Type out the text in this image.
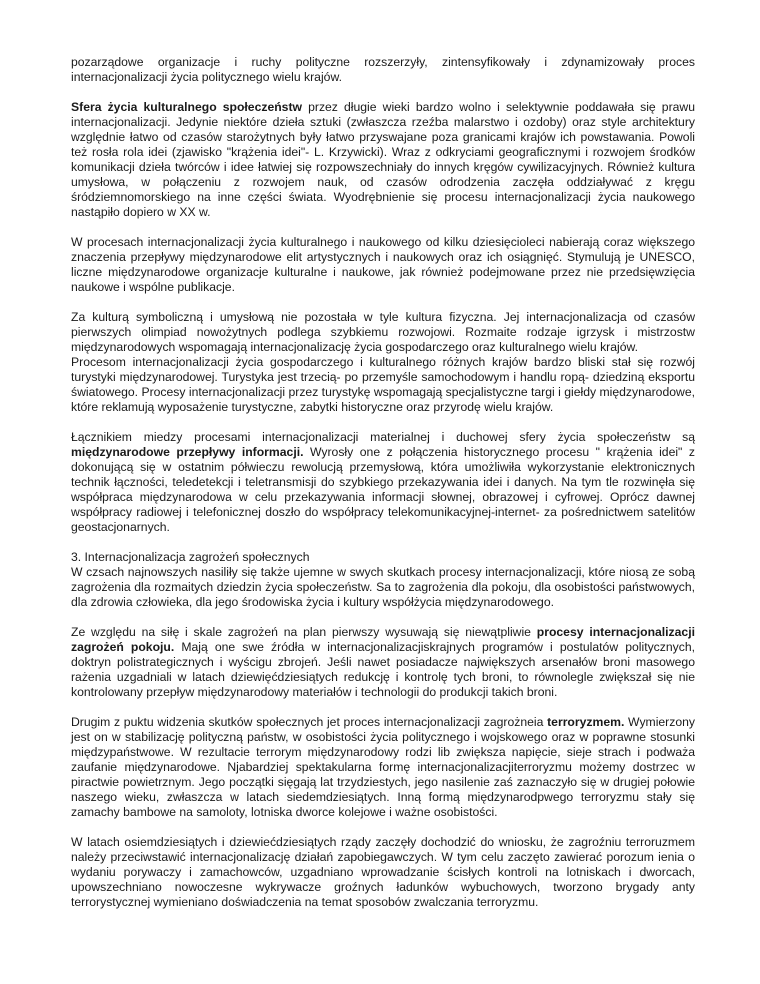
pozarządowe organizacje i ruchy polityczne rozszerzyły, zintensyfikowały i zdynamizowały proces internacjonalizacji życia politycznego wielu krajów.

Sfera życia kulturalnego społeczeństw przez długie wieki bardzo wolno i selektywnie poddawała się prawu internacjonalizacji. Jedynie niektóre dzieła sztuki (zwłaszcza rzeźba malarstwo i ozdoby) oraz style architektury względnie łatwo od czasów starożytnych były łatwo przyswajane poza granicami krajów ich powstawania. Powoli też rosła rola idei (zjawisko "krążenia idei"- L. Krzywicki). Wraz z odkryciami geograficznymi i rozwojem środków komunikacji dzieła twórców i idee łatwiej się rozpowszechniały do innych kręgów cywilizacyjnych. Również kultura umysłowa, w połączeniu z rozwojem nauk, od czasów odrodzenia zaczęła oddziaływać z kręgu śródziemnomorskiego na inne części świata. Wyodrębnienie się procesu internacjonalizacji życia naukowego nastąpiło dopiero w XX w.

W procesach internacjonalizacji życia kulturalnego i naukowego od kilku dziesięcioleci nabierają coraz większego znaczenia przepływy międzynarodowe elit artystycznych i naukowych oraz ich osiągnięć. Stymulują je UNESCO, liczne międzynarodowe organizacje kulturalne i naukowe, jak również podejmowane przez nie przedsięwzięcia naukowe i wspólne publikacje.

Za kulturą symboliczną i umysłową nie pozostała w tyle kultura fizyczna. Jej internacjonalizacja od czasów pierwszych olimpiad nowożytnych podlega szybkiemu rozwojowi. Rozmaite rodzaje igrzysk i mistrzostw międzynarodowych wspomagają internacjonalizację życia gospodarczego oraz kulturalnego wielu krajów.

Procesom internacjonalizacji życia gospodarczego i kulturalnego różnych krajów bardzo bliski stał się rozwój turystyki międzynarodowej. Turystyka jest trzecią- po przemyśle samochodowym i handlu ropą- dziedziną eksportu światowego. Procesy internacjonalizacji przez turystykę wspomagają specjalistyczne targi i giełdy międzynarodowe, które reklamują wyposażenie turystyczne, zabytki historyczne oraz przyrodę wielu krajów.

Łącznikiem miedzy procesami internacjonalizacji materialnej i duchowej sfery życia społeczeństw są międzynarodowe przepływy informacji. Wyrosły one z połączenia historycznego procesu " krążenia idei" z dokonującą się w ostatnim półwieczu rewolucją przemysłową, która umożliwiła wykorzystanie elektronicznych technik łączności, teledetekcji i teletransmisji do szybkiego przekazywania idei i danych. Na tym tle rozwinęła się współpraca międzynarodowa w celu przekazywania informacji słownej, obrazowej i cyfrowej. Oprócz dawnej współpracy radiowej i telefonicznej doszło do współpracy telekomunikacyjnej-internet- za pośrednictwem satelitów geostacjonarnych.

3. Internacjonalizacja zagrożeń społecznych

W czsach najnowszych nasiliły się także ujemne w swych skutkach procesy internacjonalizacji, które niosą ze sobą zagrożenia dla rozmaitych dziedzin życia społeczeństw. Sa to zagrożenia dla pokoju, dla osobistości państwowych, dla zdrowia człowieka, dla jego środowiska życia i kultury współżycia międzynarodowego.

Ze względu na siłę i skale zagrożeń na plan pierwszy wysuwają się niewątpliwie procesy internacjonalizacji zagrożeń pokoju. Mają one swe źródła w internacjonalizacjiskrajnych programów i postulatów politycznych, doktryn polistrategicznych i wyścigu zbrojeń. Jeśli nawet posiadacze największych arsenałów broni masowego rażenia uzgadniali w latach dziewięćdziesiątych redukcję i kontrolę tych broni, to równolegle zwiększał się nie kontrolowany przepływ międzynarodowy materiałów i technologii do produkcji takich broni.

Drugim z puktu widzenia skutków społecznych jet proces internacjonalizacji zagrożneia terroryzmem. Wymierzony jest on w stabilizację polityczną państw, w osobistości życia politycznego i wojskowego oraz w poprawne stosunki międzypaństwowe. W rezultacie terrorym międzynarodowy rodzi lib zwiększa napięcie, sieje strach i podważa zaufanie międzynarodowe. Njabardziej spektakularna formę internacjonalizacjiterroryzmu możemy dostrzec w piractwie powietrznym. Jego początki sięgają lat trzydziestych, jego nasilenie zaś zaznaczyło się w drugiej połowie naszego wieku, zwłaszcza w latach siedemdziesiątych. Inną formą międzynarodpwego terroryzmu stały się zamachy bambowe na samoloty, lotniska dworce kolejowe i ważne osobistości.

W latach osiemdziesiątych i dziewiećdziesiątych rządy zaczęły dochodzić do wniosku, że zagroźniu terroruzmem należy przeciwstawić internacjonalizację działań zapobiegawczych. W tym celu zaczęto zawierać porozum ienia o wydaniu porywaczy i zamachowców, uzgadniano wprowadzanie ścisłych kontroli na lotniskach i dworcach, upowszechniano nowoczesne wykrywacze groźnych ładunków wybuchowych, tworzono brygady anty terrorystycznej wymieniano doświadczenia na temat sposobów zwalczania terroryzmu.
